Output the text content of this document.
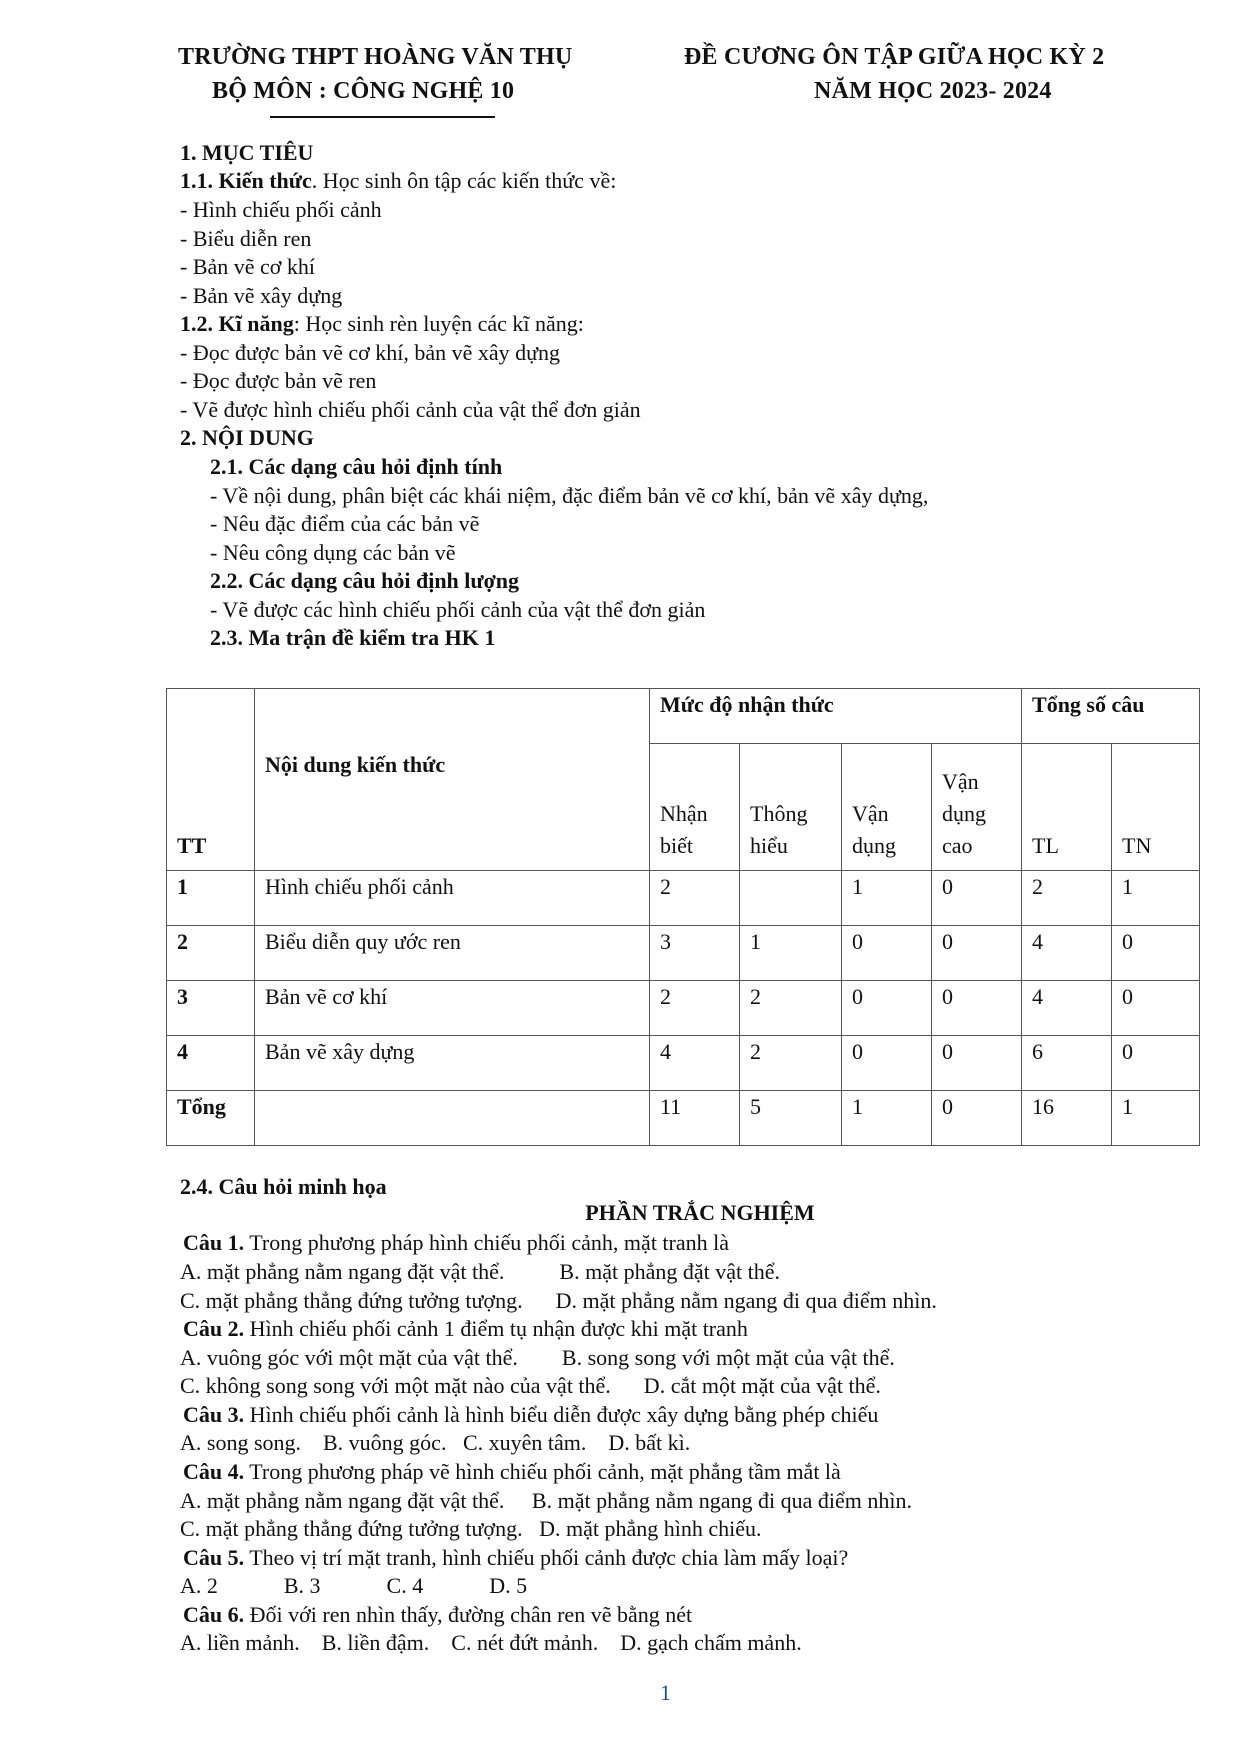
TRƯỜNG THPT HOÀNG VĂN THỤ
BỘ MÔN : CÔNG NGHỆ 10
ĐỀ CƯƠNG ÔN TẬP GIỮA HỌC KỲ 2
NĂM HỌC 2023- 2024
1. MỤC TIÊU
1.1. Kiến thức. Học sinh ôn tập các kiến thức về:
- Hình chiếu phối cảnh
- Biểu diễn ren
- Bản vẽ cơ khí
- Bản vẽ xây dựng
1.2. Kĩ năng: Học sinh rèn luyện các kĩ năng:
- Đọc được bản vẽ cơ khí, bản vẽ xây dựng
- Đọc được bản vẽ ren
- Vẽ được hình chiếu phối cảnh của vật thể đơn giản
2. NỘI DUNG
2.1. Các dạng câu hỏi định tính
- Về nội dung, phân biệt các khái niệm, đặc điểm bản vẽ cơ khí, bản vẽ xây dựng,
- Nêu đặc điểm của các bản vẽ
- Nêu công dụng các bản vẽ
2.2. Các dạng câu hỏi định lượng
- Vẽ được các hình chiếu phối cảnh của vật thể đơn giản
2.3. Ma trận đề kiểm tra HK 1
TT	Nội dung kiến thức	Mức độ nhận thức				Tổng số câu	
		Nhận biết	Thông hiểu	Vận dụng	Vận dụng cao	TL	TN
1	Hình chiếu phối cảnh	2		1	0	2	1
2	Biểu diễn quy ước ren	3	1	0	0	4	0
3	Bản vẽ cơ khí	2	2	0	0	4	0
4	Bản vẽ xây dựng	4	2	0	0	6	0
Tổng		11	5	1	0	16	1
2.4. Câu hỏi minh họa
PHẦN TRẮC NGHIỆM
Câu 1. Trong phương pháp hình chiếu phối cảnh, mặt tranh là
A. mặt phẳng nằm ngang đặt vật thể.          B. mặt phẳng đặt vật thể.
C. mặt phẳng thẳng đứng tưởng tượng.      D. mặt phẳng nằm ngang đi qua điểm nhìn.
Câu 2. Hình chiếu phối cảnh 1 điểm tụ nhận được khi mặt tranh
A. vuông góc với một mặt của vật thể.        B. song song với một mặt của vật thể.
C. không song song với một mặt nào của vật thể.      D. cắt một mặt của vật thể.
Câu 3. Hình chiếu phối cảnh là hình biểu diễn được xây dựng bằng phép chiếu
A. song song.    B. vuông góc.   C. xuyên tâm.    D. bất kì.
Câu 4. Trong phương pháp vẽ hình chiếu phối cảnh, mặt phẳng tầm mắt là
A. mặt phẳng nằm ngang đặt vật thể.     B. mặt phẳng nằm ngang đi qua điểm nhìn.
C. mặt phẳng thẳng đứng tưởng tượng.   D. mặt phẳng hình chiếu.
Câu 5. Theo vị trí mặt tranh, hình chiếu phối cảnh được chia làm mấy loại?
A. 2            B. 3            C. 4            D. 5
Câu 6. Đối với ren nhìn thấy, đường chân ren vẽ bằng nét
A. liền mảnh.    B. liền đậm.    C. nét đứt mảnh.    D. gạch chấm mảnh.
1
